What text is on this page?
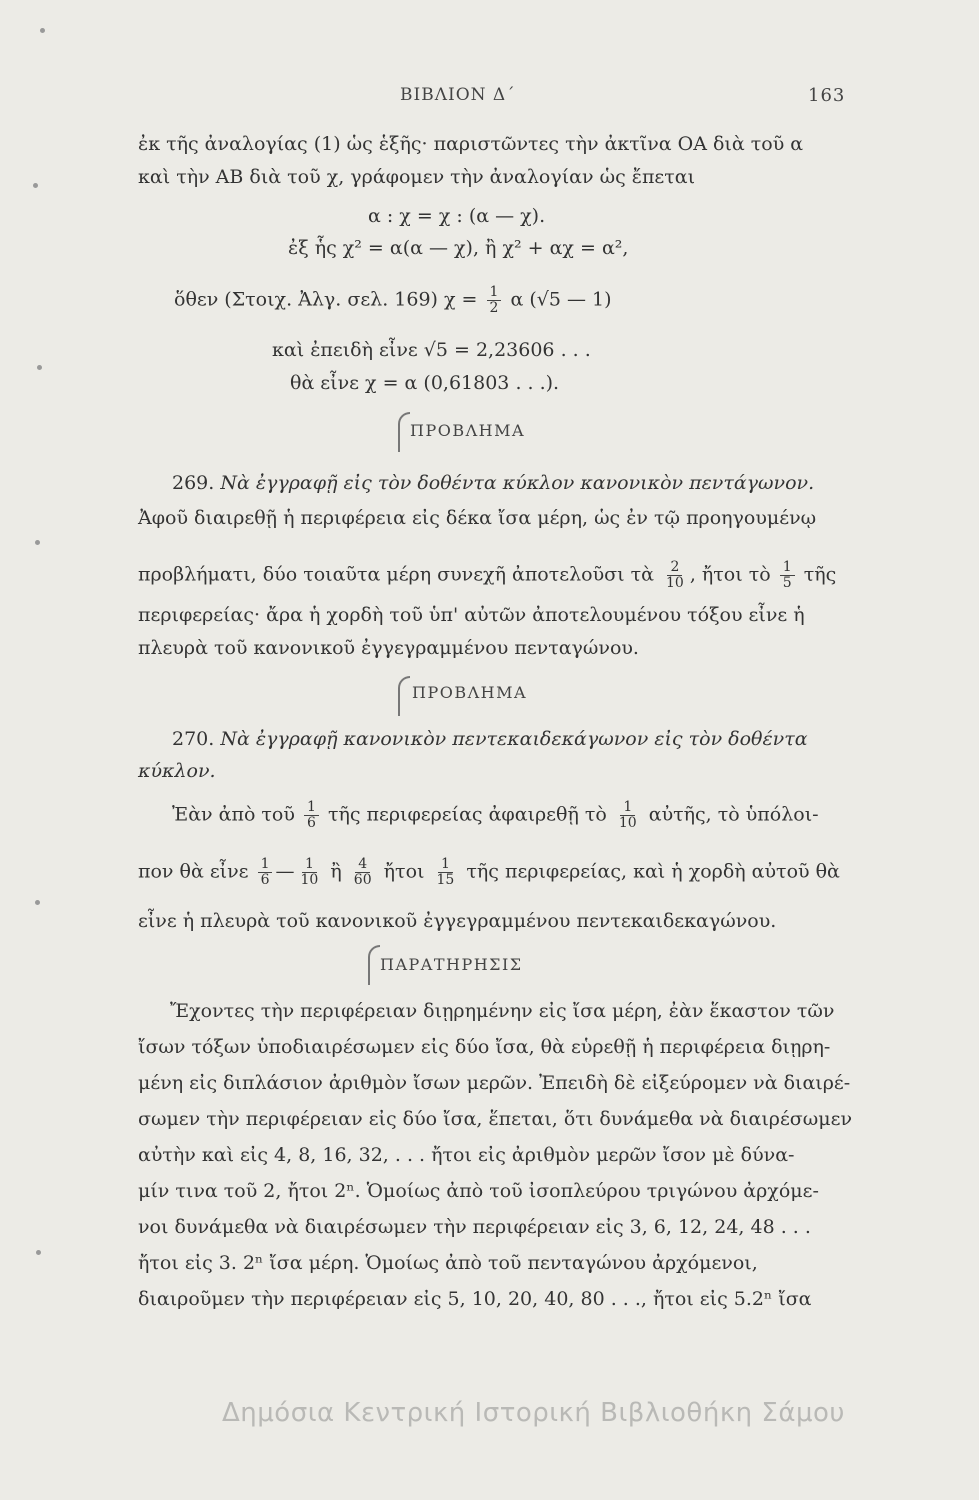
ΒΙΒΛΙΟΝ Δ΄	163
ἐκ τῆς ἀναλογίας (1) ὡς ἑξῆς· παριστῶντες τὴν ἀκτῖνα ΟΑ διὰ τοῦ α
καὶ τὴν ΑΒ διὰ τοῦ χ, γράφομεν τὴν ἀναλογίαν ὡς ἔπεται
α : χ = χ : (α — χ).
ἐξ ἧς χ² = α(α — χ), ἢ χ² + αχ = α²,
ὅθεν (Στοιχ. Ἀλγ. σελ. 169) $\chi = \frac{1}{2}$ α (√5 — 1)
καὶ ἐπειδὴ εἶνε √5 = 2,23606 . . .
θὰ εἶνε χ = α (0,61803 . . .).
ΠΡΟΒΛΗΜΑ
269. Νὰ ἐγγραφῇ εἰς τὸν δοθέντα κύκλον κανονικὸν πεντάγωνον.
Ἀφοῦ διαιρεθῇ ἡ περιφέρεια εἰς δέκα ἴσα μέρη, ὡς ἐν τῷ προηγουμένῳ
προβλήματι, δύο τοιαῦτα μέρη συνεχῆ ἀποτελοῦσι τὰ $\frac{2}{10}$ , ἤτοι τὸ $\frac{1}{5}$ τῆς
περιφερείας· ἄρα ἡ χορδὴ τοῦ ὑπ' αὐτῶν ἀποτελουμένου τόξου εἶνε ἡ
πλευρὰ τοῦ κανονικοῦ ἐγγεγραμμένου πενταγώνου.
ΠΡΟΒΛΗΜΑ
270. Νὰ ἐγγραφῇ κανονικὸν πεντεκαιδεκάγωνον εἰς τὸν δοθέντα
κύκλον.
Ἐὰν ἀπὸ τοῦ $\frac{1}{6}$ τῆς περιφερείας ἀφαιρεθῇ τὸ $\frac{1}{10}$ αὐτῆς, τὸ ὑπόλοι-
πον θὰ εἶνε $\frac{1}{6}$ — $\frac{1}{10}$ ἢ $\frac{4}{60}$ ἤτοι $\frac{1}{15}$ τῆς περιφερείας, καὶ ἡ χορδὴ αὐτοῦ θὰ
εἶνε ἡ πλευρὰ τοῦ κανονικοῦ ἐγγεγραμμένου πεντεκαιδεκαγώνου.
ΠΑΡΑΤΗΡΗΣΙΣ
Ἔχοντες τὴν περιφέρειαν διῃρημένην εἰς ἴσα μέρη, ἐὰν ἕκαστον τῶν
ἴσων τόξων ὑποδιαιρέσωμεν εἰς δύο ἴσα, θὰ εὑρεθῇ ἡ περιφέρεια διῃρη-
μένη εἰς διπλάσιον ἀριθμὸν ἴσων μερῶν. Ἐπειδὴ δὲ εἰξεύρομεν νὰ διαιρέ-
σωμεν τὴν περιφέρειαν εἰς δύο ἴσα, ἕπεται, ὅτι δυνάμεθα νὰ διαιρέσωμεν
αὐτὴν καὶ εἰς 4, 8, 16, 32, . . . ἤτοι εἰς ἀριθμὸν μερῶν ἴσον μὲ δύνα-
μίν τινα τοῦ 2, ἤτοι 2ⁿ. Ὁμοίως ἀπὸ τοῦ ἰσοπλεύρου τριγώνου ἀρχόμε-
νοι δυνάμεθα νὰ διαιρέσωμεν τὴν περιφέρειαν εἰς 3, 6, 12, 24, 48 . . .
ἤτοι εἰς 3. 2ⁿ ἴσα μέρη. Ὁμοίως ἀπὸ τοῦ πενταγώνου ἀρχόμενοι,
διαιροῦμεν τὴν περιφέρειαν εἰς 5, 10, 20, 40, 80 . . ., ἤτοι εἰς 5.2ⁿ ἴσα
Δημόσια Κεντρική Ιστορική Βιβλιοθήκη Σάμου
